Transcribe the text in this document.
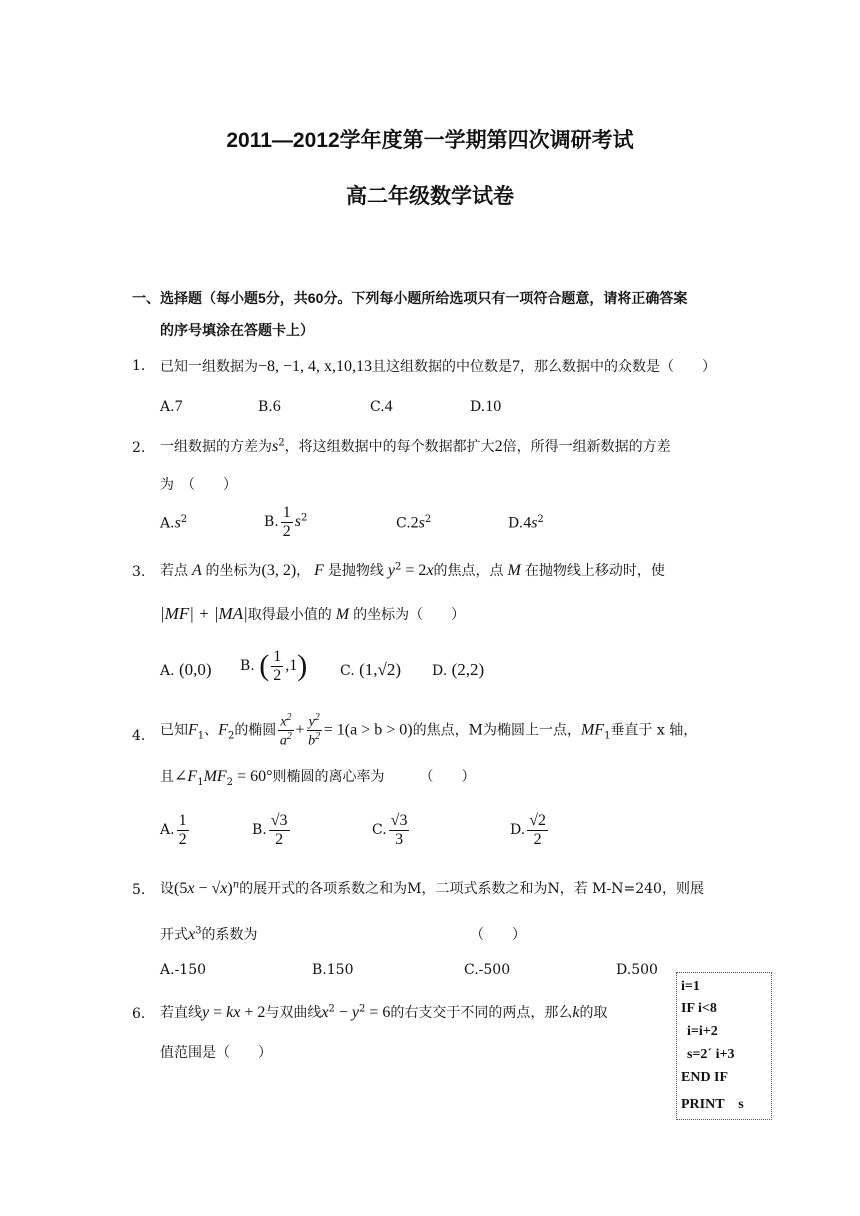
2011—2012学年度第一学期第四次调研考试
高二年级数学试卷
一、选择题（每小题5分，共60分。下列每小题所给选项只有一项符合题意，请将正确答案
的序号填涂在答题卡上）
1. 已知一组数据为−8, −1, 4, x,10,13且这组数据的中位数是7，那么数据中的众数是（　　）
A.7	B.6	C.4	D.10
2. 一组数据的方差为$s^2$，将这组数据中的每个数据都扩大2倍，所得一组新数据的方差
为　（　　）
$A.s^2$	B. $\frac{1}{2} s^2$	$C.2s^2$	$D.4s^2$
3. 若点 A 的坐标为(3, 2)， F 是抛物线 $y^2 = 2x$的焦点，点 M 在抛物线上移动时，使
|MF| + |MA|取得最小值的 M 的坐标为（　　）
A. (0,0) B. ( $\frac{1}{2} ,1$) C. (1,√2) D. (2,2)
4. 已知$F_1$、$F_2$的椭圆 $\frac{x^2}{a^2} + \frac{y^2}{b^2} = 1(a > b > 0)$的焦点，M为椭圆上一点，$MF_1$垂直于 x 轴，
且$\angle F_1MF_2 = 60^\circ$则椭圆的离心率为　　　（　　）
A. $\frac{1}{2}$	B. $\frac{√3}{2}$	C. $\frac{√3}{3}$	D. $\frac{√2}{2}$
5. 设$(5x - √x)^n$的展开式的各项系数之和为M，二项式系数之和为N，若 M-N=240，则展
开式$x^3$的系数为	（　　）
A.-150	B.150	C.-500	D.500
6. 若直线y = kx + 2与双曲线$x^2 - y^2 = 6$的右支交于不同的两点，那么k的取
值范围是（　　）
i=1
IF i<8
i=i+2
s=2´ i+3
END IF
PRINT　s
